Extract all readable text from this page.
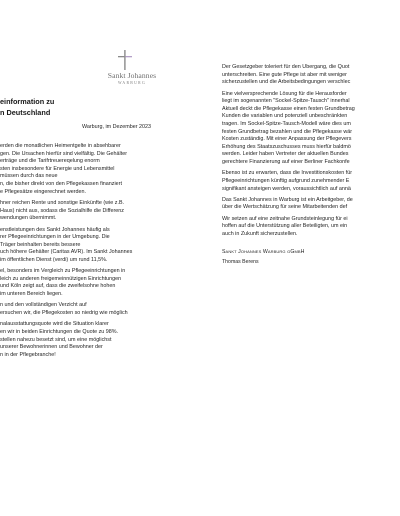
Sankt Johannes
WARBURG
einformation zu
n Deutschland
Warburg, im Dezember 2023
erden die monatlichen Heimentgelte in absehbarer
gen. Die Ursachen hierfür sind vielfältig. Die Gehälter
erträge und die Tarifrtreuereqelung enorm
sten insbesondere für Energie und Lebensmittel
müssen durch das neue
n, die bisher direkt von den Pflegekassen finanziert
e Pflegesätze eingerechnet werden.
hner reichen Rente und sonstige Einkünfte (wie z.B.
Haus) nicht aus, sodass die Sozialhilfe die Differenz
wendungen übernimmt.
enstleistungen des Sankt Johannes häufig als
rer Pflegeeinrichtungen in der Umgebung. Die
Träger beinhalten bereits bessere
uch höhere Gehälter (Caritas AVR). Im Sankt Johannes
im öffentlichen Dienst (verdi) um rund 11,5%.
el, besonders im Vergleich zu Pflegeeinrichtungen in
leich zu anderen freigemeinnützigen Einrichtungen
und Köln zeigt auf, dass die zweifelsohne hohen
im unteren Bereich liegen.
n und den vollständigen Verzicht auf
ersuchen wir, die Pflegekosten so niedrig wie möglich
nalausstattungsquote wird die Situation klarer
en wir in beiden Einrichtungen die Quote zu 98%.
stellen nahezu besetzt sind, um eine möglichst
unserer Bewohnerinnen und Bewohner der
n in der Pflegebranche!
Der Gesetzgeber toleriert für den Übergang, die Quot
unterschreiten. Eine gute Pflege ist aber mit weniger
sicherzustellen und die Arbeitsbedingungen verschlec
Eine vielversprechende Lösung für die Herausforder
liegt im sogenannten "Sockel-Spitze-Tausch" innerhal
Aktuell deckt die Pflegekasse einen festen Grundbetrag
Kunden die variablen und potenziell unbeschränkten
tragen. Im Sockel-Spitze-Tausch-Modell wäre dies um
festen Grundbetrag bezahlen und die Pflegekasse wär
Kosten zuständig. Mit einer Anpassung der Pflegevers
Erhöhung des Staatszuschusses muss hierfür baldmö
werden. Leider haben Vertreter der aktuellen Bundes
gerechtere Finanzierung auf einer Berliner Fachkonfe
Ebenso ist zu erwarten, dass die Investitionskosten für
Pflegeeinrichtungen künftig aufgrund zunehmender E
signifikant ansteigen werden, voraussichtlich auf annä
Das Sankt Johannes in Warburg ist ein Arbeitgeber, de
über die Wertschätzung für seine Mitarbeitenden def
Wir setzen auf eine zeitnahe Grundsteinlegung für ei
hoffen auf die Unterstützung aller Beteiligten, um ein
auch in Zukunft sicherzustellen.
Sankt Johannes Warburg gGmbH
Thomas Berens
